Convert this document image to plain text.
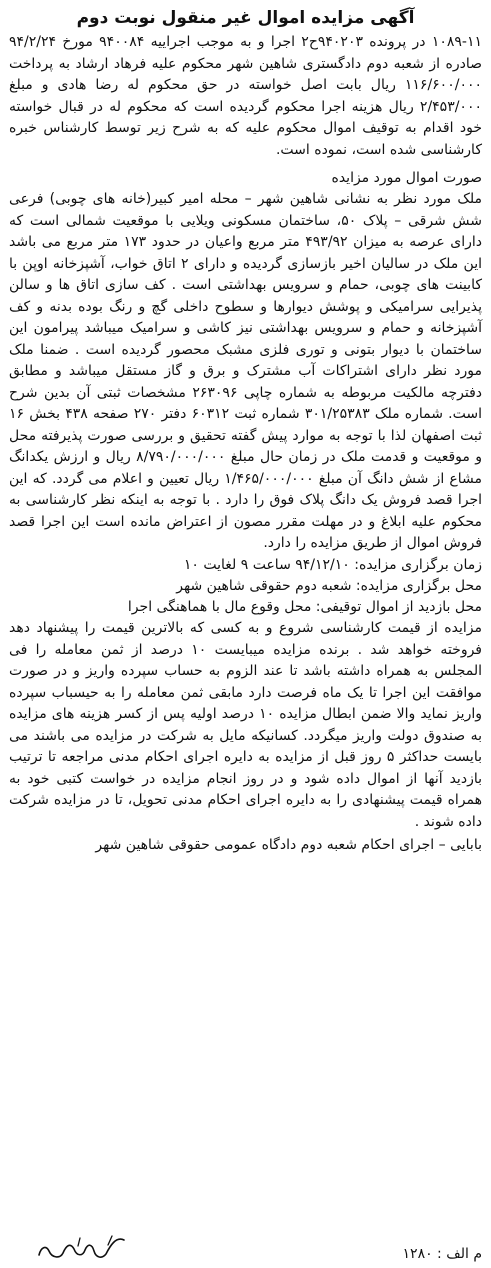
آگهی مزایده اموال غیر منقول نوبت دوم

۱۰۸۹-۱۱ در پرونده ۹۴۰۲۰۳ح۲ اجرا و به موجب اجراییه ۹۴۰۰۸۴ مورخ ۹۴/۲/۲۴ صادره از شعبه دوم دادگستری شاهین شهر محکوم علیه فرهاد ارشاد به پرداخت ۱۱۶/۶۰۰/۰۰۰ ریال بابت اصل خواسته در حق محکوم له رضا هادی و مبلغ ۲/۴۵۳/۰۰۰ ریال هزینه اجرا محکوم گردیده است که محکوم له در قبال خواسته خود اقدام به توقیف اموال محکوم علیه که به شرح زیر توسط کارشناس خبره کارشناسی شده است، نموده است.

صورت اموال مورد مزایده

ملک مورد نظر به نشانی شاهین شهر – محله امیر کبیر(خانه های چوبی) فرعی شش شرقی – پلاک ۵۰، ساختمان مسکونی ویلایی با موقعیت شمالی است که دارای عرصه به میزان ۴۹۳/۹۲ متر مربع واعیان در حدود ۱۷۳ متر مربع می باشد این ملک در سالیان اخیر بازسازی گردیده و دارای ۲ اتاق خواب، آشپزخانه اوپن با کابینت های چوبی، حمام و سرویس بهداشتی است . کف سازی اتاق ها و سالن پذیرایی سرامیکی و پوشش دیوارها و سطوح داخلی گچ و رنگ بوده بدنه و کف آشپزخانه و حمام و سرویس بهداشتی نیز کاشی و سرامیک میباشد پیرامون این ساختمان با دیوار بتونی و توری فلزی مشبک محصور گردیده است . ضمنا ملک مورد نظر دارای اشتراکات آب مشترک و برق و گاز مستقل میباشد و مطابق دفترچه مالکیت مربوطه به شماره چاپی ۲۶۳۰۹۶ مشخصات ثبتی آن بدین شرح است. شماره ملک ۳۰۱/۲۵۳۸۳ شماره ثبت ۶۰۳۱۲ دفتر ۲۷۰ صفحه ۴۳۸ بخش ۱۶ ثبت اصفهان لذا با توجه به موارد پیش گفته تحقیق و بررسی صورت پذیرفته محل و موقعیت و قدمت ملک در زمان حال مبلغ ۸/۷۹۰/۰۰۰/۰۰۰ ریال و ارزش یکدانگ مشاع از شش دانگ آن مبلغ ۱/۴۶۵/۰۰۰/۰۰۰ ریال تعیین و اعلام می گردد. که این اجرا قصد فروش یک دانگ پلاک فوق را دارد . با توجه به اینکه نظر کارشناسی به محکوم علیه ابلاغ و در مهلت مقرر مصون از اعتراض مانده است این اجرا قصد فروش اموال از طریق مزایده را دارد.

زمان برگزاری مزایده: ۹۴/۱۲/۱۰ ساعت ۹ لغایت ۱۰

محل برگزاری مزایده: شعبه دوم حقوقی شاهین شهر

محل بازدید از اموال توقیفی: محل وقوع مال با هماهنگی اجرا

مزایده از قیمت کارشناسی شروع و به کسی که بالاترین قیمت را پیشنهاد دهد فروخته خواهد شد . برنده مزایده میبایست ۱۰ درصد از ثمن معامله را فی المجلس به همراه داشته باشد تا عند الزوم به حساب سپرده واریز و در صورت موافقت این اجرا تا یک ماه فرصت دارد مابقی ثمن معامله را به حیسباب سپرده واریز نماید والا ضمن ابطال مزایده ۱۰ درصد اولیه پس از کسر هزینه های مزایده به صندوق دولت واریز میگردد. کسانیکه مایل به شرکت در مزایده می باشند می بایست حداکثر ۵ روز قبل از مزایده به دایره اجرای احکام مدنی مراجعه تا ترتیب بازدید آنها از اموال داده شود و در روز انجام مزایده در خواست کتبی خود به همراه قیمت پیشنهادی را به دایره اجرای احکام مدنی تحویل، تا در مزایده شرکت داده شوند .

بابایی – اجرای احکام شعبه دوم دادگاه عمومی حقوقی شاهین شهر

م الف : ۱۲۸۰
